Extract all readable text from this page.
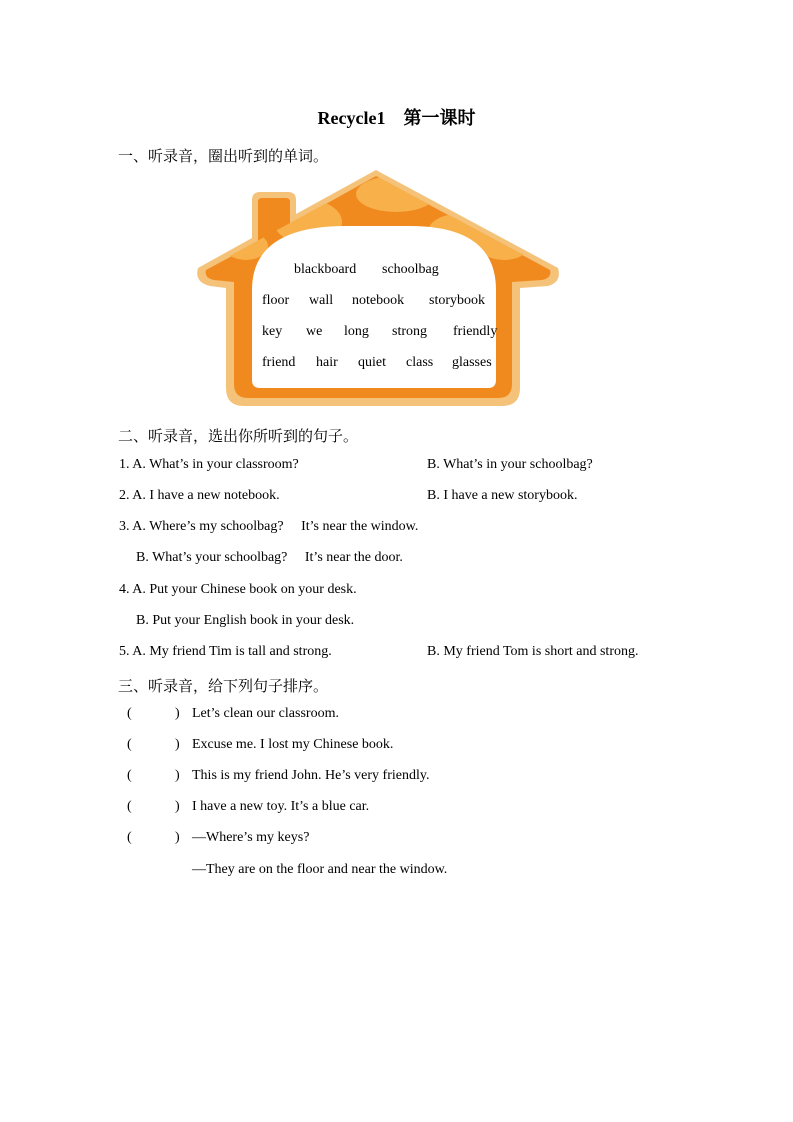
Recycle1    第一课时
一、听录音，圈出听到的单词。
blackboard schoolbag
floor wall notebook storybook
key we long strong friendly
friend hair quiet class glasses
二、听录音，选出你所听到的句子。
1. A. What’s in your classroom?	B. What’s in your schoolbag?
2. A. I have a new notebook.	B. I have a new storybook.
3. A. Where’s my schoolbag?     It’s near the window.
B. What’s your schoolbag?     It’s near the door.
4. A. Put your Chinese book on your desk.
B. Put your English book in your desk.
5. A. My friend Tim is tall and strong.	B. My friend Tom is short and strong.
三、听录音，给下列句子排序。
(	) Let’s clean our classroom.
(	) Excuse me. I lost my Chinese book.
(	) This is my friend John. He’s very friendly.
(	) I have a new toy. It’s a blue car.
(	) —Where’s my keys?
—They are on the floor and near the window.
